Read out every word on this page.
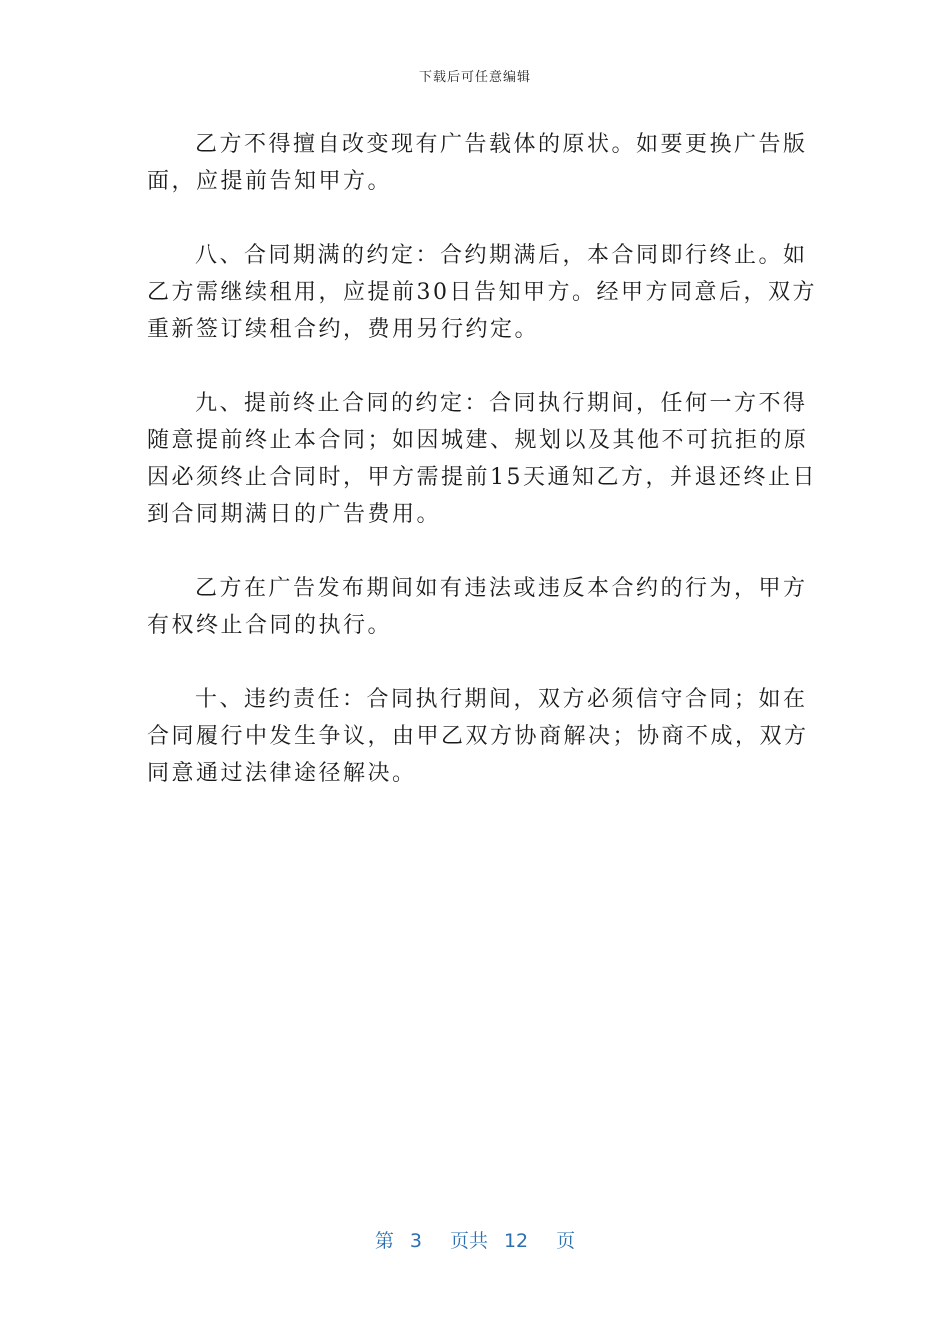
下载后可任意编辑
乙方不得擅自改变现有广告载体的原状。如要更换广告版
面，应提前告知甲方。
八、合同期满的约定：合约期满后，本合同即行终止。如
乙方需继续租用，应提前30日告知甲方。经甲方同意后，双方
重新签订续租合约，费用另行约定。
九、提前终止合同的约定：合同执行期间，任何一方不得
随意提前终止本合同；如因城建、规划以及其他不可抗拒的原
因必须终止合同时，甲方需提前15天通知乙方，并退还终止日
到合同期满日的广告费用。
乙方在广告发布期间如有违法或违反本合约的行为，甲方
有权终止合同的执行。
十、违约责任：合同执行期间，双方必须信守合同；如在
合同履行中发生争议，由甲乙双方协商解决；协商不成，双方
同意通过法律途径解决。
第 3 页共 12 页
